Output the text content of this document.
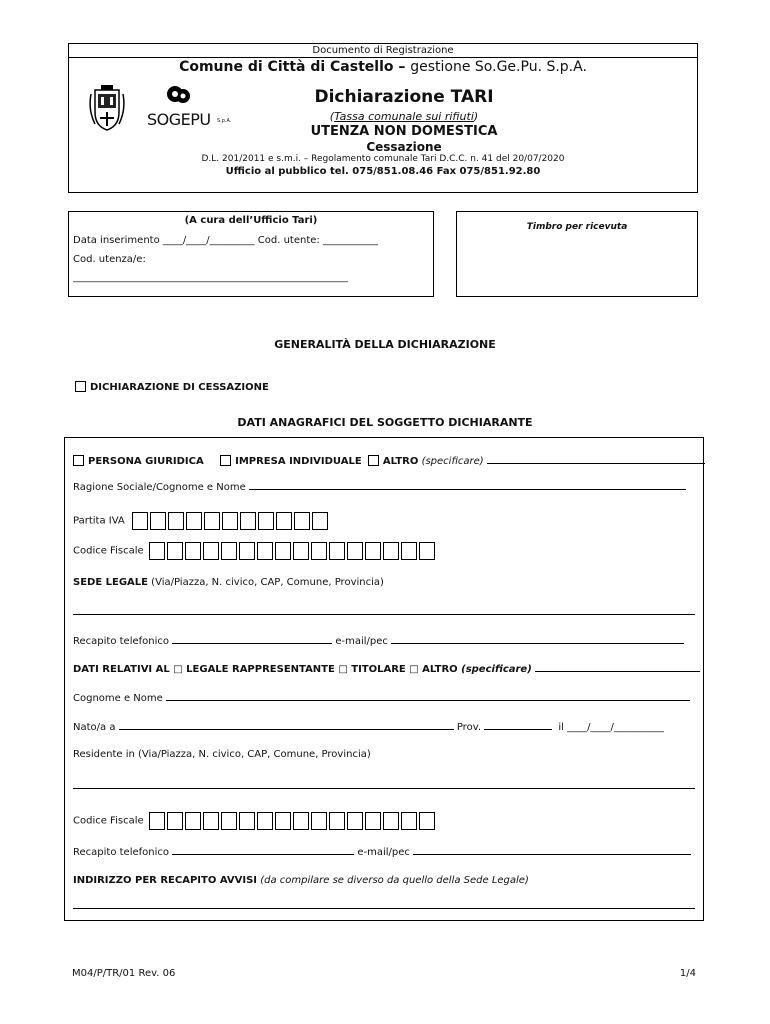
Documento di Registrazione
Comune di Città di Castello – gestione So.Ge.Pu. S.p.A.
SOGEPU S.p.A.
Dichiarazione TARI
(Tassa comunale sui rifiuti)
UTENZA NON DOMESTICA
Cessazione
D.L. 201/2011 e s.m.i. – Regolamento comunale Tari D.C.C. n. 41 del 20/07/2020
Ufficio al pubblico tel. 075/851.08.46 Fax 075/851.92.80
(A cura dell’Ufficio Tari)
Data inserimento ____/____/_________ Cod. utente: ___________
Cod. utenza/e:
_______________________________________________________
Timbro per ricevuta
GENERALITÀ DELLA DICHIARAZIONE
DICHIARAZIONE DI CESSAZIONE
DATI ANAGRAFICI DEL SOGGETTO DICHIARANTE
PERSONA GIURIDICA	IMPRESA INDIVIDUALE ALTRO (specificare)
Ragione Sociale/Cognome e Nome
Partita IVA
Codice Fiscale
SEDE LEGALE (Via/Piazza, N. civico, CAP, Comune, Provincia)
Recapito telefonico	e-mail/pec
DATI RELATIVI AL □ LEGALE RAPPRESENTANTE □ TITOLARE □ ALTRO (specificare)
Cognome e Nome
Nato/a a	Prov.	il ____/____/__________
Residente in (Via/Piazza, N. civico, CAP, Comune, Provincia)
Codice Fiscale
Recapito telefonico	e-mail/pec
INDIRIZZO PER RECAPITO AVVISI (da compilare se diverso da quello della Sede Legale)
M04/P/TR/01 Rev. 06	1/4
